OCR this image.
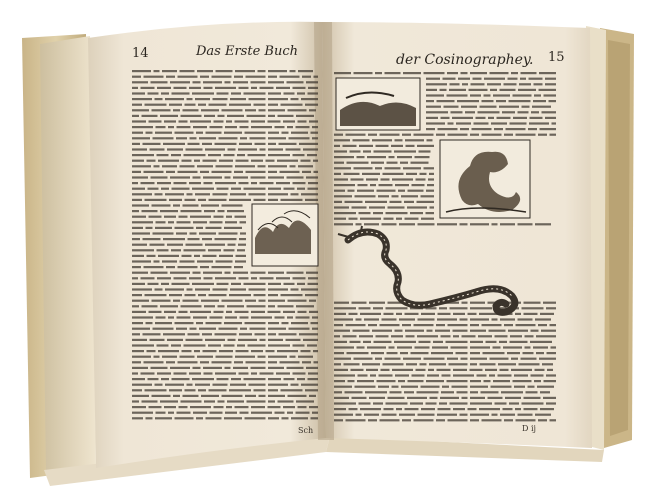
14	Das Erste Buch	15
der Cosinographey.
Sch	D ij
